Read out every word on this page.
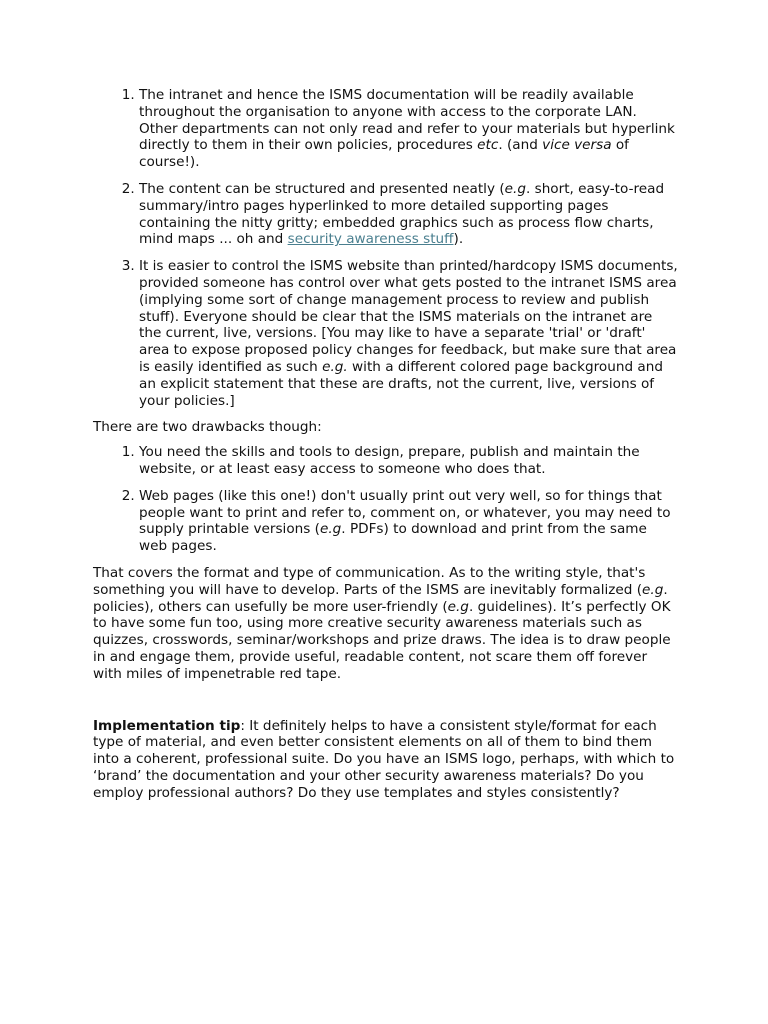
1. The intranet and hence the ISMS documentation will be readily available throughout the organisation to anyone with access to the corporate LAN. Other departments can not only read and refer to your materials but hyperlink directly to them in their own policies, procedures etc. (and vice versa of course!).
2. The content can be structured and presented neatly (e.g. short, easy-to-read summary/intro pages hyperlinked to more detailed supporting pages containing the nitty gritty; embedded graphics such as process flow charts, mind maps ... oh and security awareness stuff).
3. It is easier to control the ISMS website than printed/hardcopy ISMS documents, provided someone has control over what gets posted to the intranet ISMS area (implying some sort of change management process to review and publish stuff). Everyone should be clear that the ISMS materials on the intranet are the current, live, versions. [You may like to have a separate 'trial' or 'draft' area to expose proposed policy changes for feedback, but make sure that area is easily identified as such e.g. with a different colored page background and an explicit statement that these are drafts, not the current, live, versions of your policies.]

There are two drawbacks though:

1. You need the skills and tools to design, prepare, publish and maintain the website, or at least easy access to someone who does that.
2. Web pages (like this one!) don't usually print out very well, so for things that people want to print and refer to, comment on, or whatever, you may need to supply printable versions (e.g. PDFs) to download and print from the same web pages.

That covers the format and type of communication. As to the writing style, that's something you will have to develop. Parts of the ISMS are inevitably formalized (e.g. policies), others can usefully be more user-friendly (e.g. guidelines). It’s perfectly OK to have some fun too, using more creative security awareness materials such as quizzes, crosswords, seminar/workshops and prize draws. The idea is to draw people in and engage them, provide useful, readable content, not scare them off forever with miles of impenetrable red tape.

Implementation tip: It definitely helps to have a consistent style/format for each type of material, and even better consistent elements on all of them to bind them into a coherent, professional suite. Do you have an ISMS logo, perhaps, with which to ‘brand’ the documentation and your other security awareness materials? Do you employ professional authors? Do they use templates and styles consistently?
